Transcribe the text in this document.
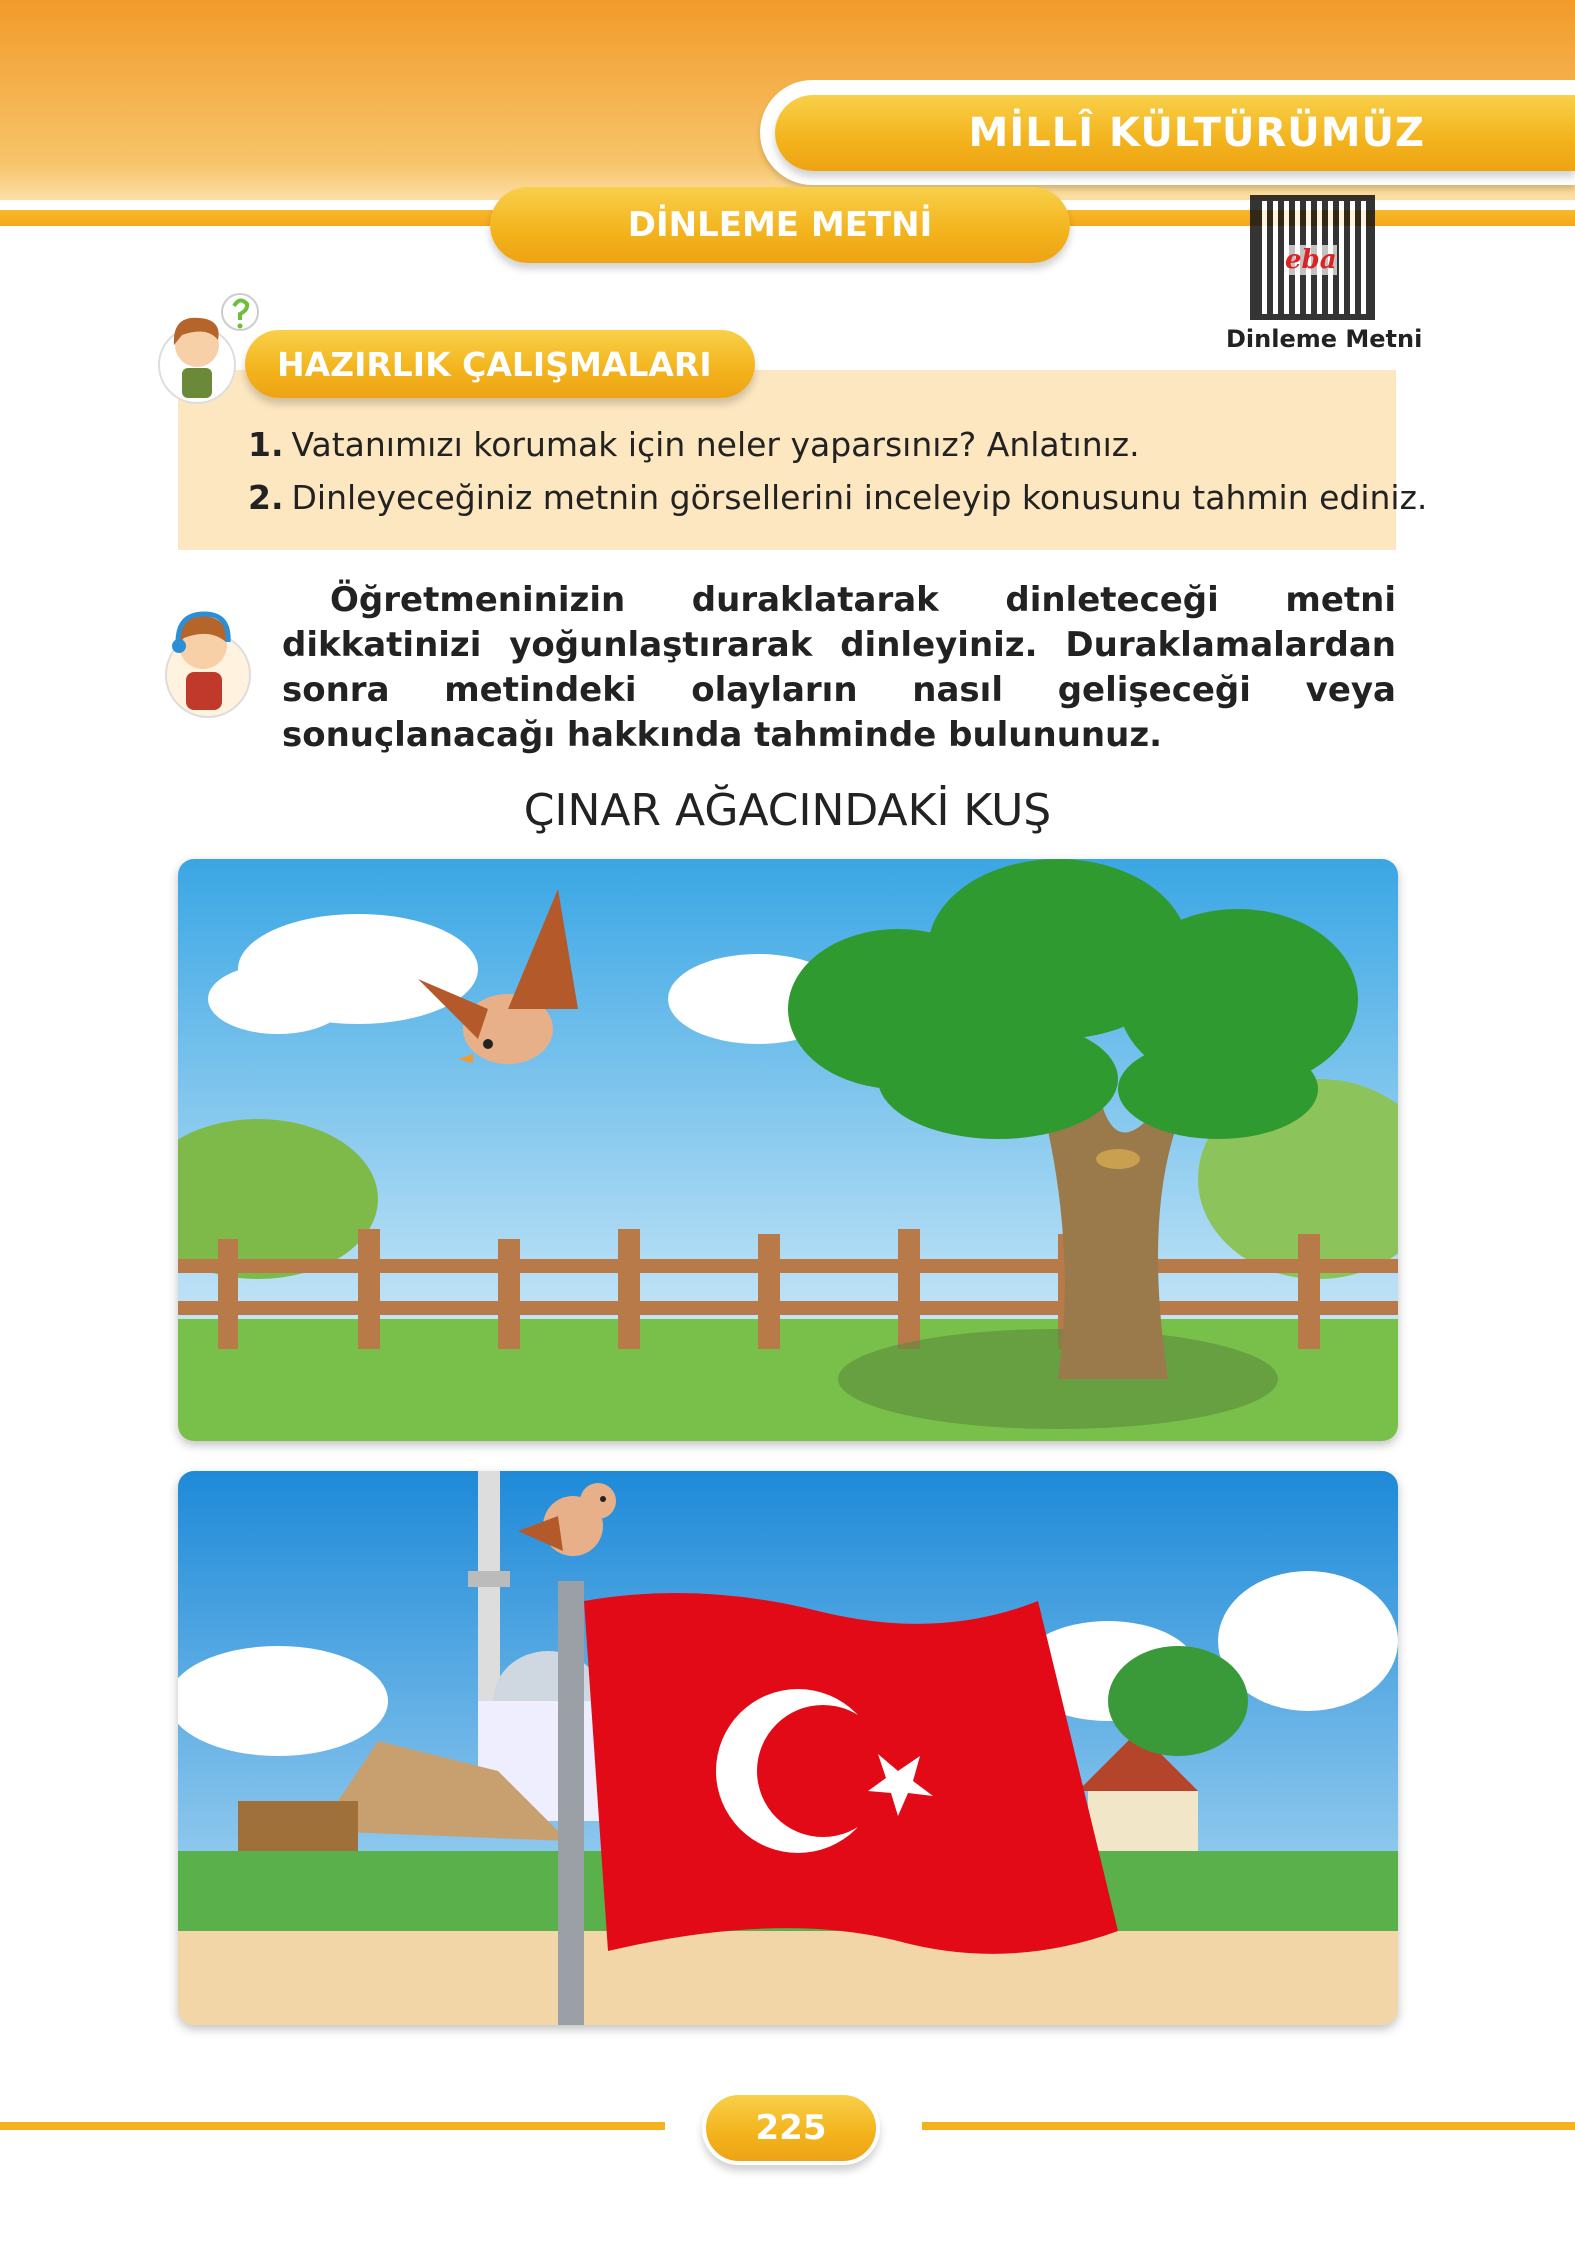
MİLLÎ KÜLTÜRÜMÜZ
DİNLEME METNİ
eba
Dinleme Metni
HAZIRLIK ÇALIŞMALARI
1. Vatanımızı korumak için neler yaparsınız? Anlatınız.
2. Dinleyeceğiniz metnin görsellerini inceleyip konusunu tahmin ediniz.
Öğretmeninizin duraklatarak dinleteceği metni dikkatinizi yoğunlaştırarak dinleyiniz. Duraklamalardan sonra metindeki olayların nasıl gelişeceği veya sonuçlanacağı hakkında tahminde bulununuz.
ÇINAR AĞACINDAKİ KUŞ
225
